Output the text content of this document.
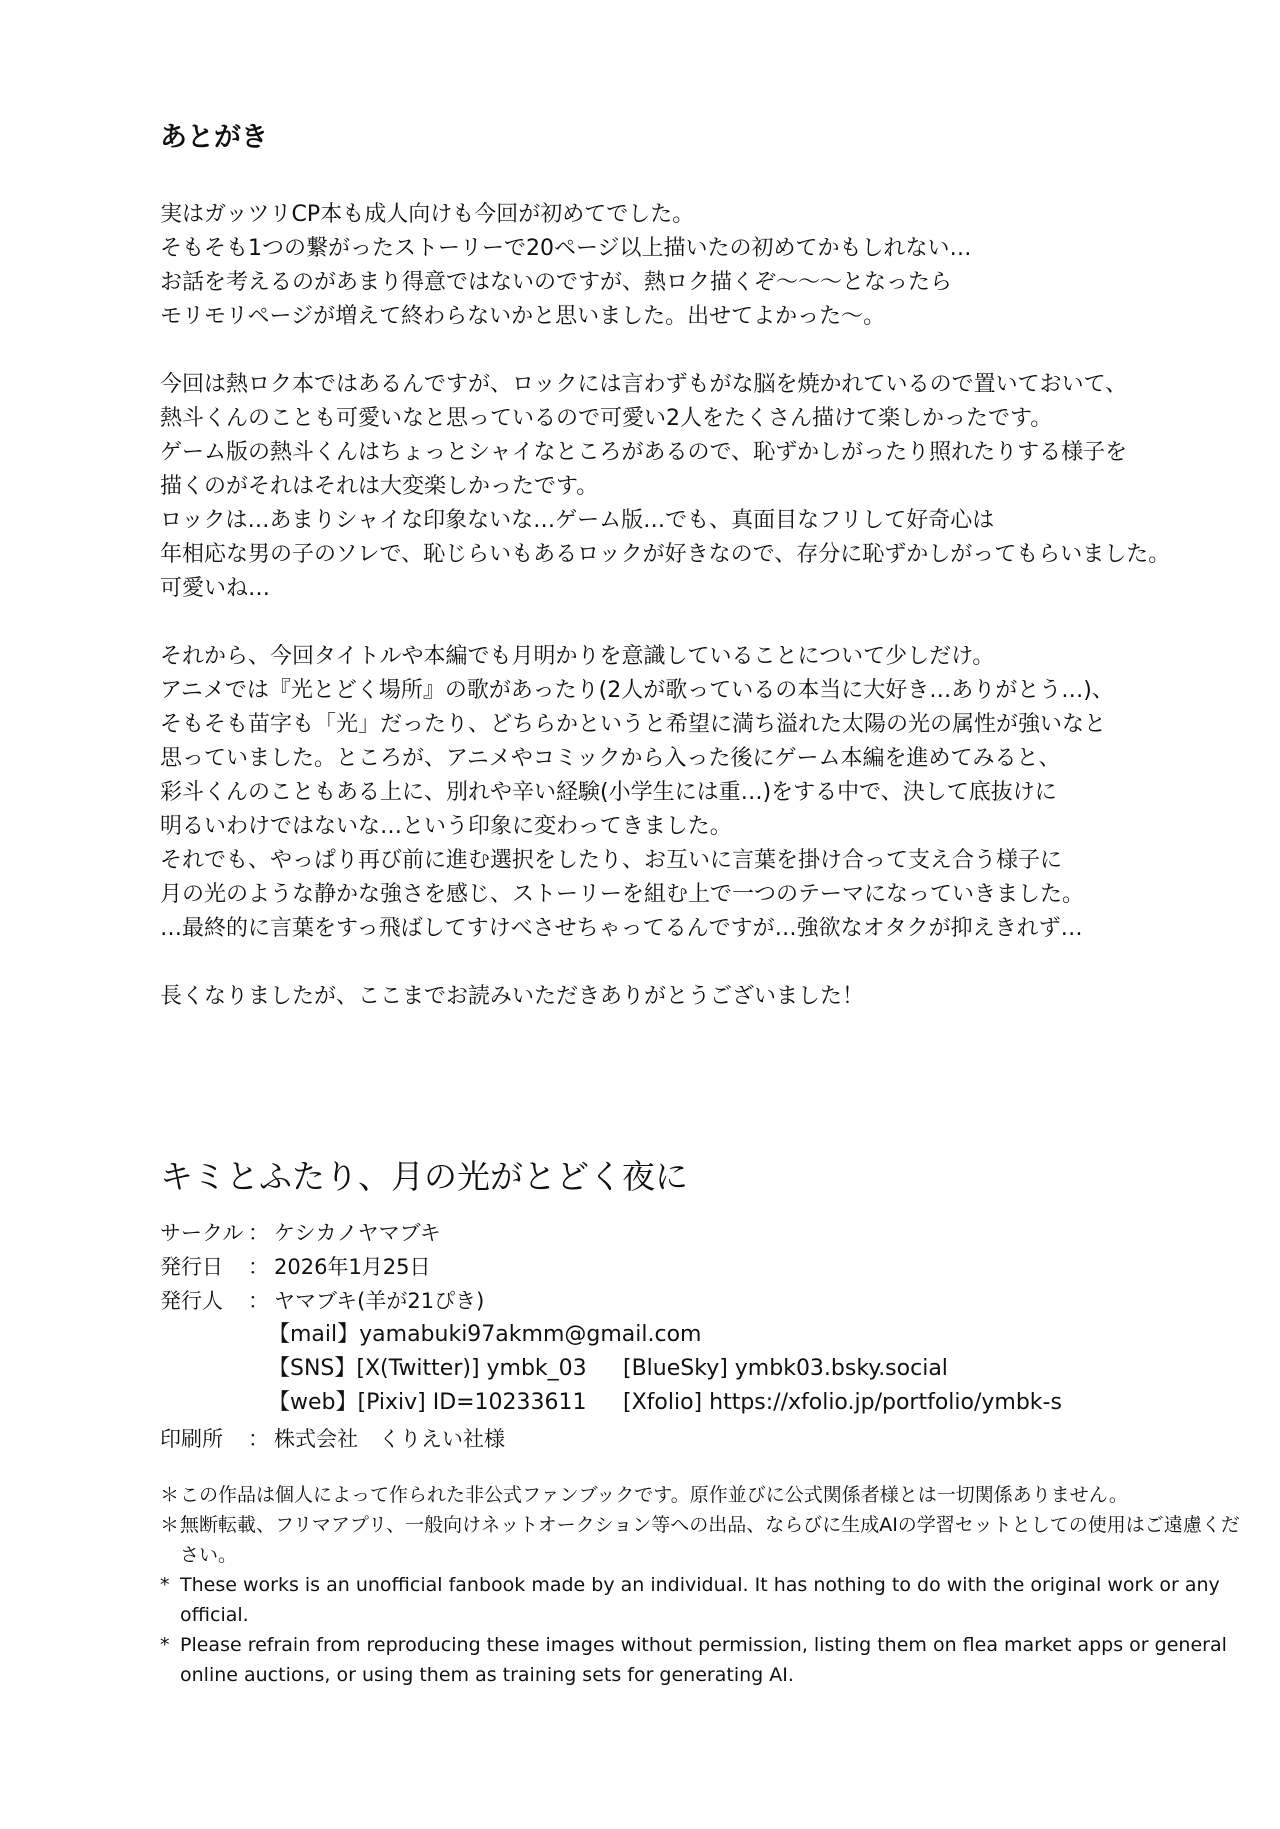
あとがき

実はガッツリCP本も成人向けも今回が初めてでした。

そもそも1つの繋がったストーリーで20ページ以上描いたの初めてかもしれない…

お話を考えるのがあまり得意ではないのですが、熱ロク描くぞ〜〜〜となったら

モリモリページが増えて終わらないかと思いました。出せてよかった〜。

今回は熱ロク本ではあるんですが、ロックには言わずもがな脳を焼かれているので置いておいて、

熱斗くんのことも可愛いなと思っているので可愛い2人をたくさん描けて楽しかったです。

ゲーム版の熱斗くんはちょっとシャイなところがあるので、恥ずかしがったり照れたりする様子を

描くのがそれはそれは大変楽しかったです。

ロックは…あまりシャイな印象ないな…ゲーム版…でも、真面目なフリして好奇心は

年相応な男の子のソレで、恥じらいもあるロックが好きなので、存分に恥ずかしがってもらいました。

可愛いね…

それから、今回タイトルや本編でも月明かりを意識していることについて少しだけ。

アニメでは『光とどく場所』の歌があったり(2人が歌っているの本当に大好き…ありがとう…)、

そもそも苗字も「光」だったり、どちらかというと希望に満ち溢れた太陽の光の属性が強いなと

思っていました。ところが、アニメやコミックから入った後にゲーム本編を進めてみると、

彩斗くんのこともある上に、別れや辛い経験(小学生には重…)をする中で、決して底抜けに

明るいわけではないな…という印象に変わってきました。

それでも、やっぱり再び前に進む選択をしたり、お互いに言葉を掛け合って支え合う様子に

月の光のような静かな強さを感じ、ストーリーを組む上で一つのテーマになっていきました。

…最終的に言葉をすっ飛ばしてすけべさせちゃってるんですが…強欲なオタクが抑えきれず…

長くなりましたが、ここまでお読みいただきありがとうございました！

キミとふたり、月の光がとどく夜に
サークル ： ケシカノヤマブキ
発行日	： 2026年1月25日
発行人	： ヤマブキ(羊が21ぴき)
【mail】yamabuki97akmm@gmail.com
【SNS】[X(Twitter)] ymbk_03	[BlueSky] ymbk03.bsky.social
【web】[Pixiv] ID=10233611	[Xfolio] https://xfolio.jp/portfolio/ymbk-s
印刷所	： 株式会社　くりえい社様
＊ この作品は個人によって作られた非公式ファンブックです。原作並びに公式関係者様とは一切関係ありません。
＊ 無断転載、フリマアプリ、一般向けネットオークション等への出品、ならびに生成AIの学習セットとしての使用はご遠慮ください。
* These works is an unofficial fanbook made by an individual. It has nothing to do with the original work or any official.
* Please refrain from reproducing these images without permission, listing them on flea market apps or general online auctions, or using them as training sets for generating AI.
